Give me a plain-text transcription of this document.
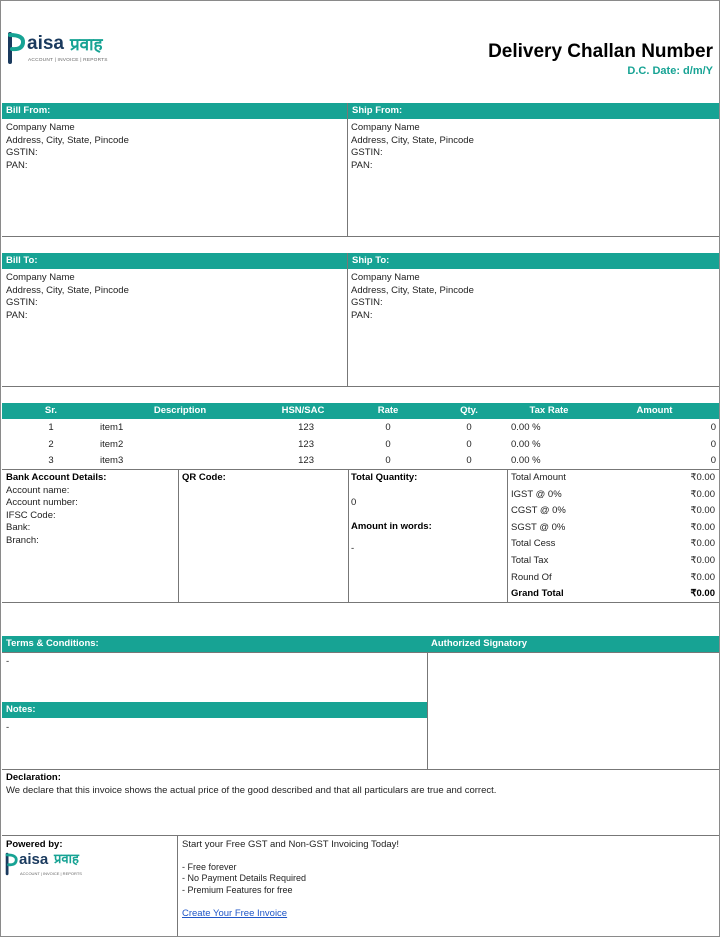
aisa प्रवाह
ACCOUNT | INVOICE | REPORTS	Delivery Challan Number
D.C. Date: d/m/Y
Bill From:	Ship From:
Company Name
Address, City, State, Pincode
GSTIN:
PAN:
Company Name
Address, City, State, Pincode
GSTIN:
PAN:
Bill To:	Ship To:
Company Name
Address, City, State, Pincode
GSTIN:
PAN:
Company Name
Address, City, State, Pincode
GSTIN:
PAN:
Sr.	Description	HSN/SAC	Rate	Qty.	Tax Rate	Amount
1	item1	123	0	0	0.00 %	0
2	item2	123	0	0	0.00 %	0
3	item3	123	0	0	0.00 %	0
Bank Account Details:
Account name:
Account number:
IFSC Code:
Bank:
Branch:
QR Code:	Total Quantity:
0
Amount in words:
-
Total Amount	₹0.00
IGST @ 0%	₹0.00
CGST @ 0%	₹0.00
SGST @ 0%	₹0.00
Total Cess	₹0.00
Total Tax	₹0.00
Round Of	₹0.00
Grand Total	₹0.00
Terms & Conditions:	Authorized Signatory
-
Notes:
-
Declaration:
We declare that this invoice shows the actual price of the good described and that all particulars are true and correct.
Powered by:
aisa प्रवाह
ACCOUNT | INVOICE | REPORTS
Start your Free GST and Non-GST Invoicing Today!
- Free forever
- No Payment Details Required
- Premium Features for free
Create Your Free Invoice
